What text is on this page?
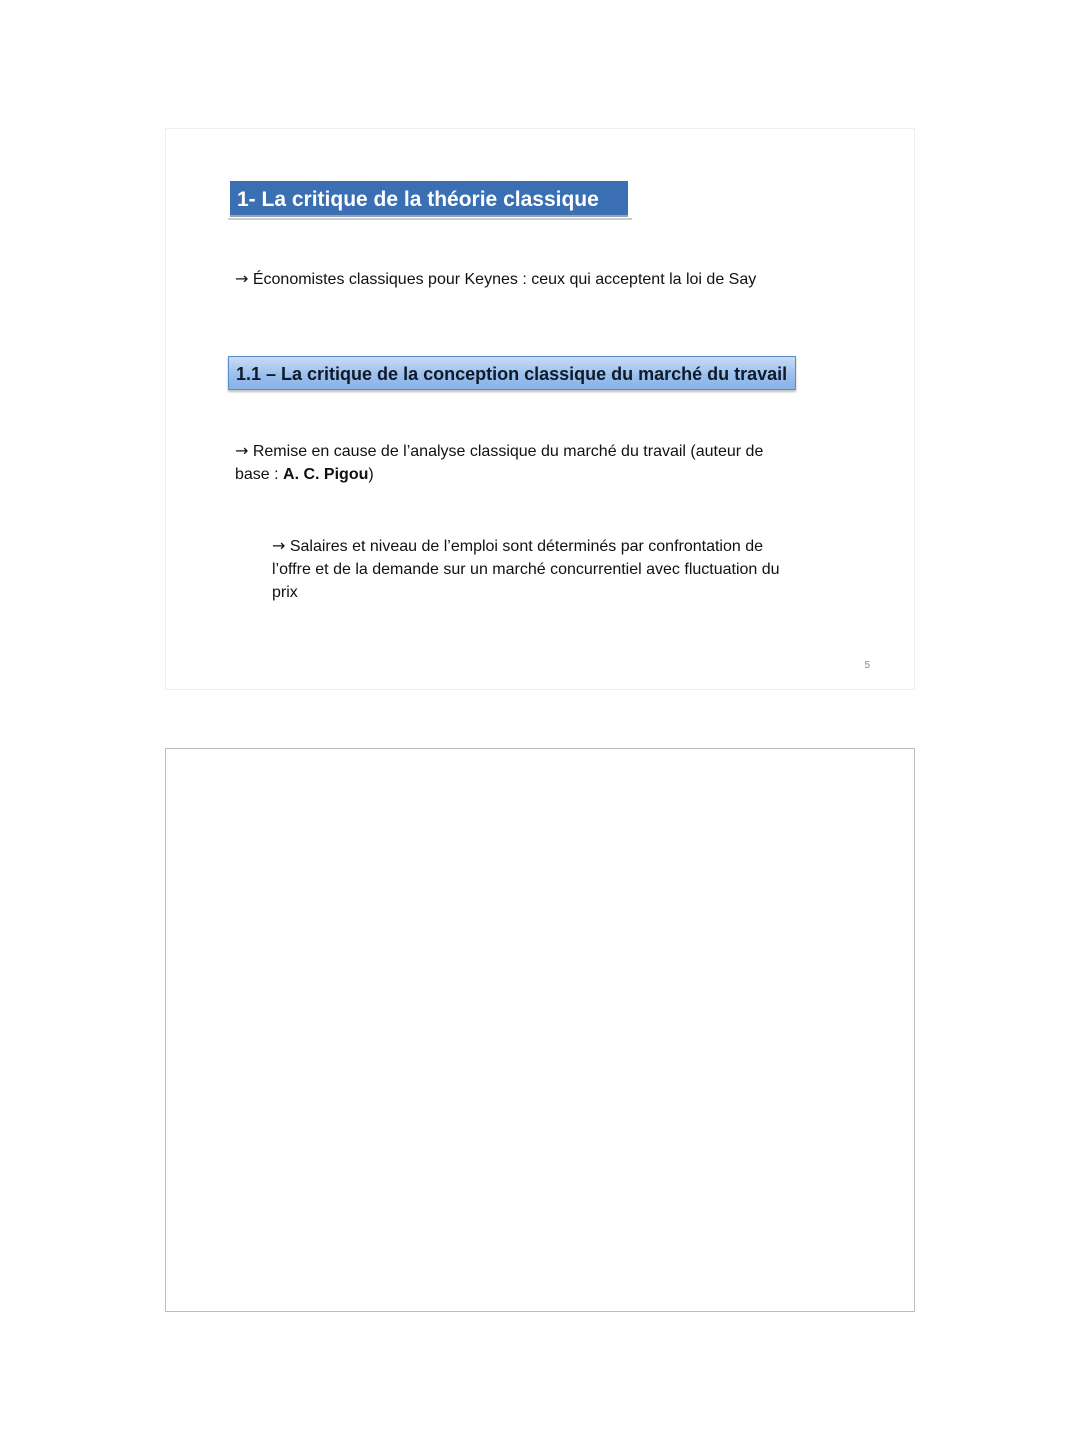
1- La critique de la théorie classique
→ Économistes classiques pour Keynes : ceux qui acceptent la loi de Say
1.1 – La critique de la conception classique du marché du travail
→ Remise en cause de l’analyse classique du marché du travail (auteur de base : A. C. Pigou)
→ Salaires et niveau de l’emploi sont déterminés par confrontation de l’offre et de la demande sur un marché concurrentiel avec fluctuation du prix
5
